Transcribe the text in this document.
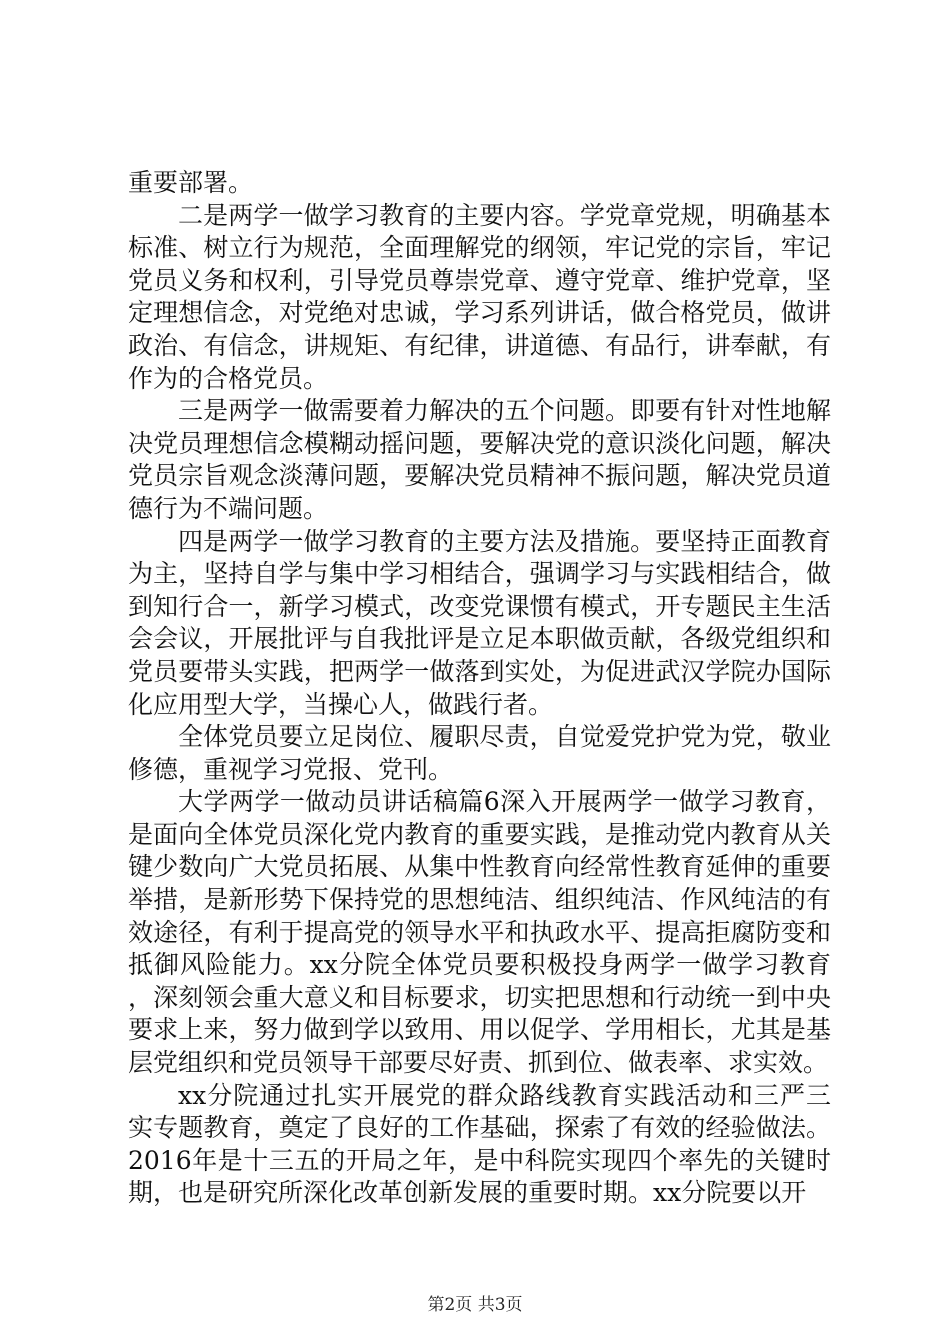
重要部署。

二是两学一做学习教育的主要内容。学党章党规，明确基本标准、树立行为规范，全面理解党的纲领，牢记党的宗旨，牢记党员义务和权利，引导党员尊崇党章、遵守党章、维护党章，坚定理想信念，对党绝对忠诚，学习系列讲话，做合格党员，做讲政治、有信念，讲规矩、有纪律，讲道德、有品行，讲奉献，有作为的合格党员。

三是两学一做需要着力解决的五个问题。即要有针对性地解决党员理想信念模糊动摇问题，要解决党的意识淡化问题，解决党员宗旨观念淡薄问题，要解决党员精神不振问题，解决党员道德行为不端问题。

四是两学一做学习教育的主要方法及措施。要坚持正面教育为主，坚持自学与集中学习相结合，强调学习与实践相结合，做到知行合一，新学习模式，改变党课惯有模式，开专题民主生活会会议，开展批评与自我批评是立足本职做贡献，各级党组织和党员要带头实践，把两学一做落到实处，为促进武汉学院办国际化应用型大学，当操心人，做践行者。

全体党员要立足岗位、履职尽责，自觉爱党护党为党，敬业修德，重视学习党报、党刊。

大学两学一做动员讲话稿篇6深入开展两学一做学习教育，是面向全体党员深化党内教育的重要实践，是推动党内教育从关键少数向广大党员拓展、从集中性教育向经常性教育延伸的重要举措，是新形势下保持党的思想纯洁、组织纯洁、作风纯洁的有效途径，有利于提高党的领导水平和执政水平、提高拒腐防变和抵御风险能力。xx分院全体党员要积极投身两学一做学习教育，深刻领会重大意义和目标要求，切实把思想和行动统一到中央要求上来，努力做到学以致用、用以促学、学用相长，尤其是基层党组织和党员领导干部要尽好责、抓到位、做表率、求实效。

xx分院通过扎实开展党的群众路线教育实践活动和三严三实专题教育，奠定了良好的工作基础，探索了有效的经验做法。2016年是十三五的开局之年，是中科院实现四个率先的关键时期，也是研究所深化改革创新发展的重要时期。xx分院要以开

第2页 共3页
